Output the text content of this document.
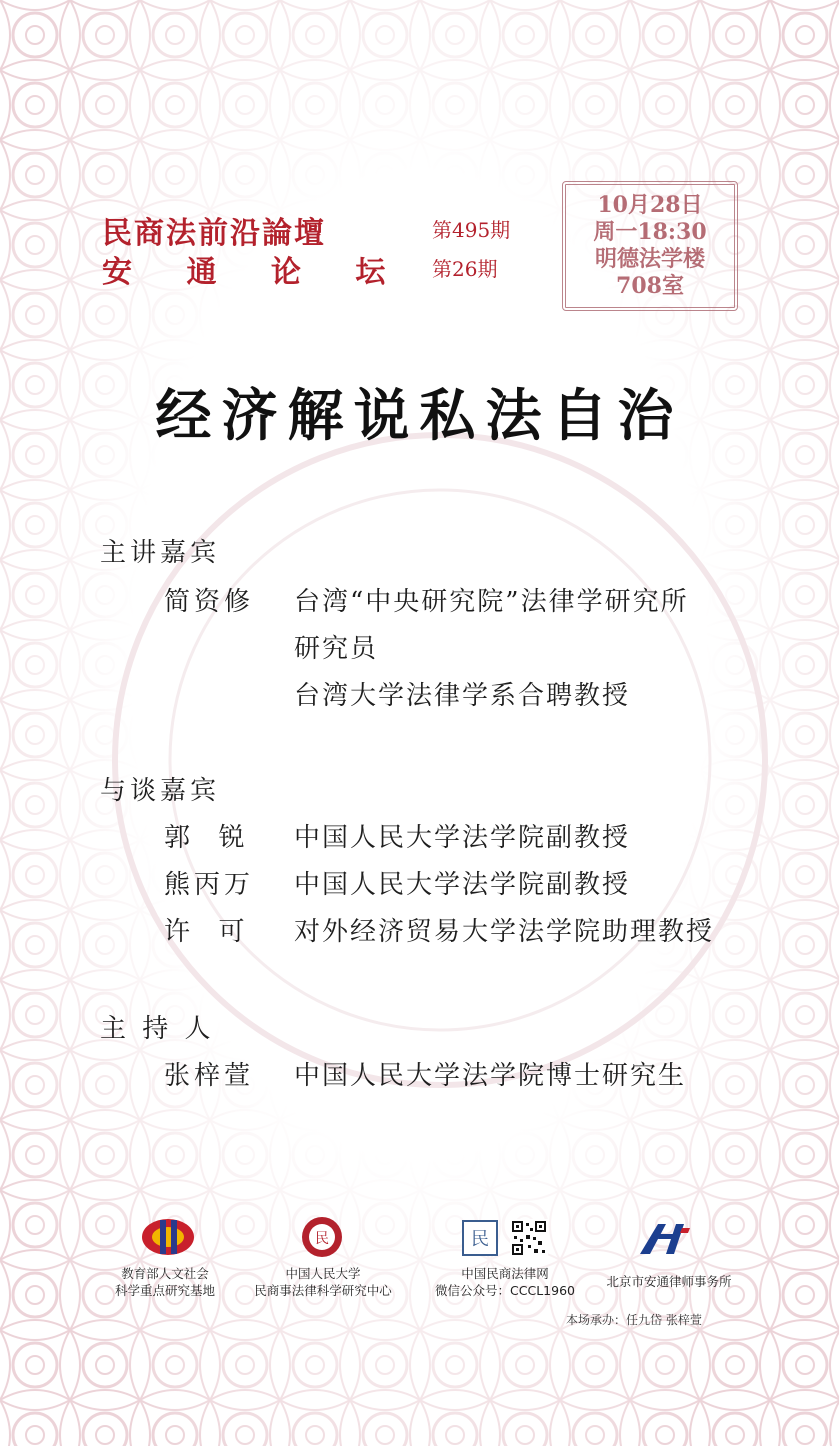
民商法前沿論壇	第495期
安 通 论 坛 第26期
10月28日
周一18:30
明德法学楼
708室
经济解说私法自治
主讲嘉宾
简资修 台湾“中央研究院”法律学研究所
研究员
台湾大学法律学系合聘教授
与谈嘉宾
郭  锐 中国人民大学法学院副教授
熊丙万 中国人民大学法学院副教授
许  可 对外经济贸易大学法学院助理教授
主 持 人
张梓萱 中国人民大学法学院博士研究生
教育部人文社会
科学重点研究基地
民
中国人民大学
民商事法律科学研究中心
民
中国民商法律网
微信公众号：CCCL1960
北京市安通律师事务所
本场承办：任九岱 张梓萱
